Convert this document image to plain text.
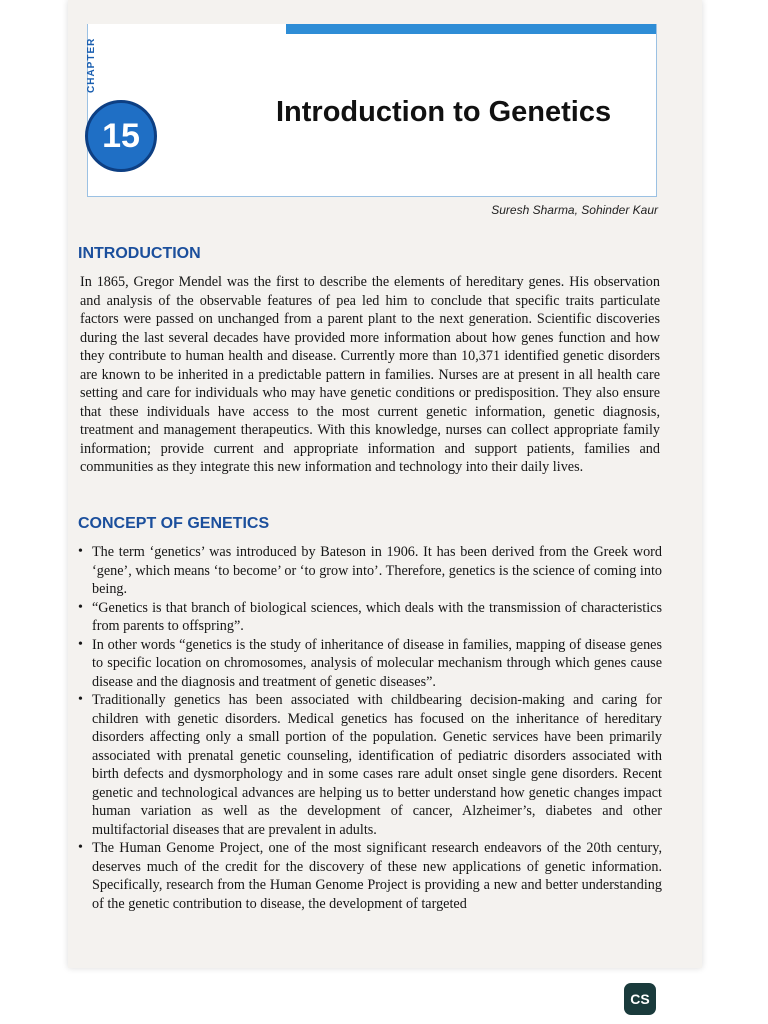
CHAPTER
15
Introduction to Genetics
Suresh Sharma, Sohinder Kaur
INTRODUCTION
In 1865, Gregor Mendel was the first to describe the elements of hereditary genes. His observation and analysis of the observable features of pea led him to conclude that specific traits particulate factors were passed on unchanged from a parent plant to the next generation. Scientific discoveries during the last several decades have provided more information about how genes function and how they contribute to human health and disease. Currently more than 10,371 identified genetic disorders are known to be inherited in a predictable pattern in families. Nurses are at present in all health care setting and care for individuals who may have genetic conditions or predisposition. They also ensure that these individuals have access to the most current genetic information, genetic diagnosis, treatment and management therapeutics. With this knowledge, nurses can collect appropriate family information; provide current and appropriate information and support patients, families and communities as they integrate this new information and technology into their daily lives.
CONCEPT OF GENETICS
• The term ‘genetics’ was introduced by Bateson in 1906. It has been derived from the Greek word ‘gene’, which means ‘to become’ or ‘to grow into’. Therefore, genetics is the science of coming into being.
• “Genetics is that branch of biological sciences, which deals with the transmission of characteristics from parents to offspring”.
• In other words “genetics is the study of inheritance of disease in families, mapping of disease genes to specific location on chromosomes, analysis of molecular mechanism through which genes cause disease and the diagnosis and treatment of genetic diseases”.
• Traditionally genetics has been associated with childbearing decision-making and caring for children with genetic disorders. Medical genetics has focused on the inheritance of hereditary disorders affecting only a small portion of the population. Genetic services have been primarily associated with prenatal genetic counseling, identification of pediatric disorders associated with birth defects and dysmorphology and in some cases rare adult onset single gene disorders. Recent genetic and technological advances are helping us to better understand how genetic changes impact human variation as well as the development of cancer, Alzheimer’s, diabetes and other multifactorial diseases that are prevalent in adults.
• The Human Genome Project, one of the most significant research endeavors of the 20th century, deserves much of the credit for the discovery of these new applications of genetic information. Specifically, research from the Human Genome Project is providing a new and better understanding of the genetic contribution to disease, the development of targeted
CS
